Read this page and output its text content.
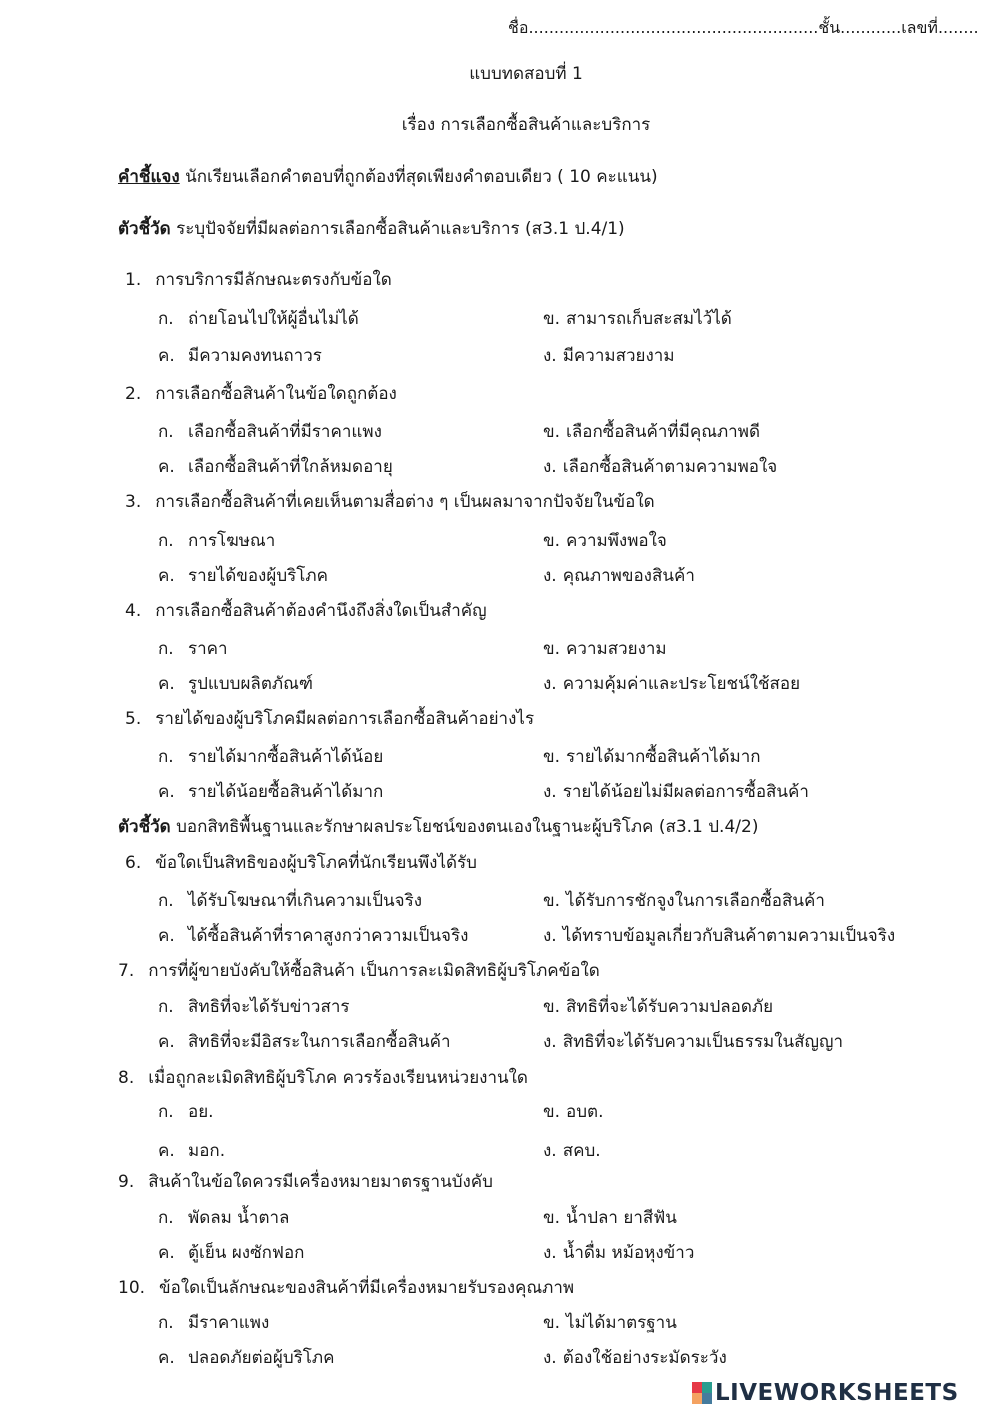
ชื่อ.........................................................ชั้น............เลขที่........
แบบทดสอบที่ 1
เรื่อง การเลือกซื้อสินค้าและบริการ
คำชี้แจง นักเรียนเลือกคำตอบที่ถูกต้องที่สุดเพียงคำตอบเดียว ( 10 คะแนน)
ตัวชี้วัด ระบุปัจจัยที่มีผลต่อการเลือกซื้อสินค้าและบริการ (ส3.1 ป.4/1)
ตัวชี้วัด บอกสิทธิพื้นฐานและรักษาผลประโยชน์ของตนเองในฐานะผู้บริโภค (ส3.1 ป.4/2)
1. การบริการมีลักษณะตรงกับข้อใด
ก. ถ่ายโอนไปให้ผู้อื่นไม่ได้	ข. สามารถเก็บสะสมไว้ได้
ค. มีความคงทนถาวร	ง. มีความสวยงาม
2. การเลือกซื้อสินค้าในข้อใดถูกต้อง
ก. เลือกซื้อสินค้าที่มีราคาแพง	ข. เลือกซื้อสินค้าที่มีคุณภาพดี
ค. เลือกซื้อสินค้าที่ใกล้หมดอายุ	ง. เลือกซื้อสินค้าตามความพอใจ
3. การเลือกซื้อสินค้าที่เคยเห็นตามสื่อต่าง ๆ เป็นผลมาจากปัจจัยในข้อใด
ก. การโฆษณา	ข. ความพึงพอใจ
ค. รายได้ของผู้บริโภค	ง. คุณภาพของสินค้า
4. การเลือกซื้อสินค้าต้องคำนึงถึงสิ่งใดเป็นสำคัญ
ก. ราคา	ข. ความสวยงาม
ค. รูปแบบผลิตภัณฑ์	ง. ความคุ้มค่าและประโยชน์ใช้สอย
5. รายได้ของผู้บริโภคมีผลต่อการเลือกซื้อสินค้าอย่างไร
ก. รายได้มากซื้อสินค้าได้น้อย	ข. รายได้มากซื้อสินค้าได้มาก
ค. รายได้น้อยซื้อสินค้าได้มาก	ง. รายได้น้อยไม่มีผลต่อการซื้อสินค้า
6. ข้อใดเป็นสิทธิของผู้บริโภคที่นักเรียนพึงได้รับ
ก. ได้รับโฆษณาที่เกินความเป็นจริง	ข. ได้รับการชักจูงในการเลือกซื้อสินค้า
ค. ได้ซื้อสินค้าที่ราคาสูงกว่าความเป็นจริง	ง. ได้ทราบข้อมูลเกี่ยวกับสินค้าตามความเป็นจริง
7. การที่ผู้ขายบังคับให้ซื้อสินค้า เป็นการละเมิดสิทธิผู้บริโภคข้อใด
ก. สิทธิที่จะได้รับข่าวสาร	ข. สิทธิที่จะได้รับความปลอดภัย
ค. สิทธิที่จะมีอิสระในการเลือกซื้อสินค้า	ง. สิทธิที่จะได้รับความเป็นธรรมในสัญญา
8. เมื่อถูกละเมิดสิทธิผู้บริโภค ควรร้องเรียนหน่วยงานใด
ก. อย.	ข. อบต.
ค. มอก.	ง. สคบ.
9. สินค้าในข้อใดควรมีเครื่องหมายมาตรฐานบังคับ
ก. พัดลม น้ำตาล	ข. น้ำปลา ยาสีฟัน
ค. ตู้เย็น ผงซักฟอก	ง. น้ำดื่ม หม้อหุงข้าว
10. ข้อใดเป็นลักษณะของสินค้าที่มีเครื่องหมายรับรองคุณภาพ
ก. มีราคาแพง	ข. ไม่ได้มาตรฐาน
ค. ปลอดภัยต่อผู้บริโภค	ง. ต้องใช้อย่างระมัดระวัง
LIVEWORKSHEETS
